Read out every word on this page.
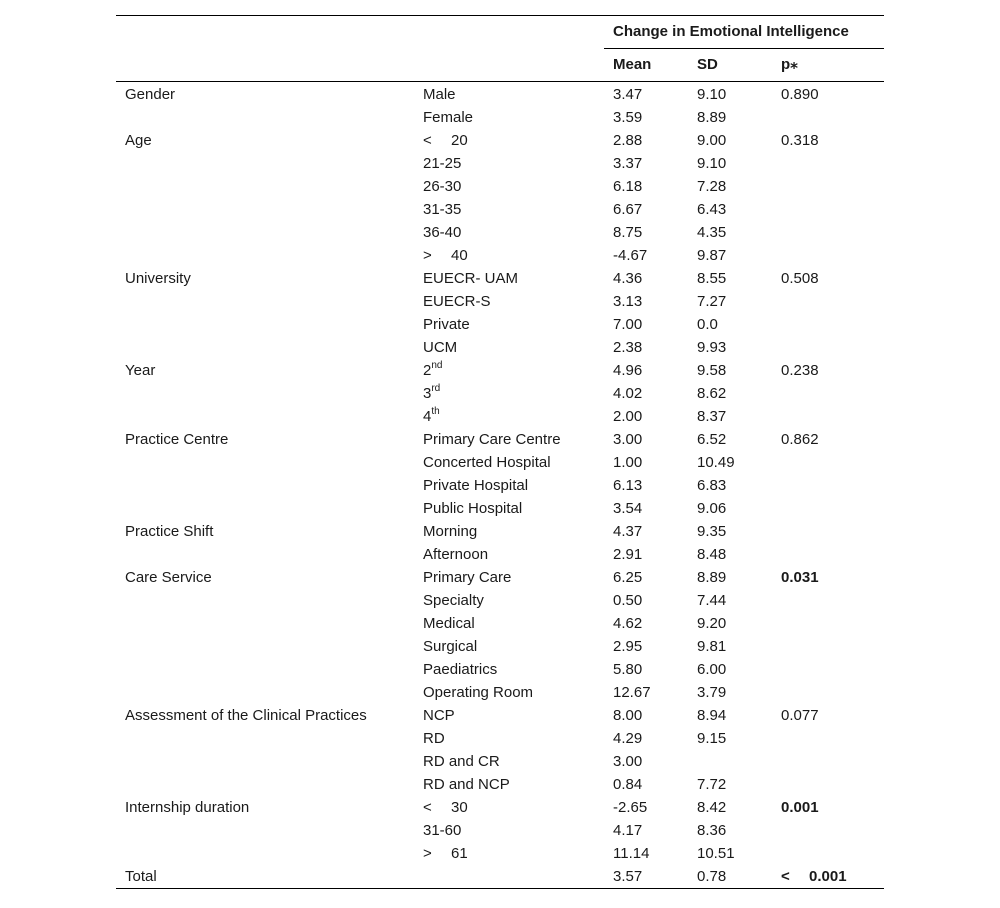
		Change in Emotional Intelligence		
		Mean	SD	p⁎
Gender	Male	3.47	9.10	0.890
	Female	3.59	8.89	
Age	< 20	2.88	9.00	0.318
	21-25	3.37	9.10	
	26-30	6.18	7.28	
	31-35	6.67	6.43	
	36-40	8.75	4.35	
	> 40	-4.67	9.87	
University	EUECR- UAM	4.36	8.55	0.508
	EUECR-S	3.13	7.27	
	Private	7.00	0.0	
	UCM	2.38	9.93	
Year	2nd	4.96	9.58	0.238
	3rd	4.02	8.62	
	4th	2.00	8.37	
Practice Centre	Primary Care Centre	3.00	6.52	0.862
	Concerted Hospital	1.00	10.49	
	Private Hospital	6.13	6.83	
	Public Hospital	3.54	9.06	
Practice Shift	Morning	4.37	9.35	
	Afternoon	2.91	8.48	
Care Service	Primary Care	6.25	8.89	0.031
	Specialty	0.50	7.44	
	Medical	4.62	9.20	
	Surgical	2.95	9.81	
	Paediatrics	5.80	6.00	
	Operating Room	12.67	3.79	
Assessment of the Clinical Practices	NCP	8.00	8.94	0.077
	RD	4.29	9.15	
	RD and CR	3.00		
	RD and NCP	0.84	7.72	
Internship duration	< 30	-2.65	8.42	0.001
	31-60	4.17	8.36	
	> 61	11.14	10.51	
Total		3.57	0.78	< 0.001
